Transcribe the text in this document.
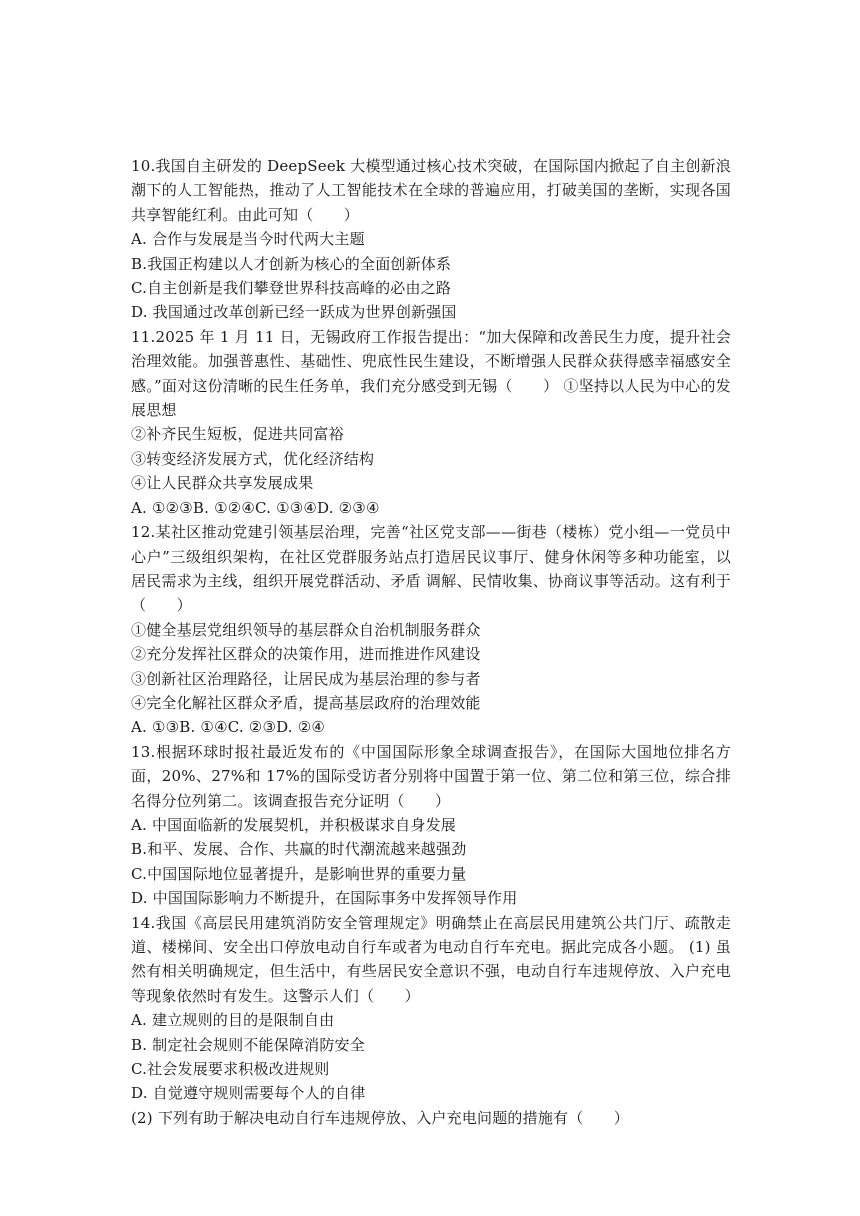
10.我国自主研发的 DeepSeek 大模型通过核心技术突破，在国际国内掀起了自主创新浪潮下的人工智能热，推动了人工智能技术在全球的普遍应用，打破美国的垄断，实现各国共享智能红利。由此可知（　　）

A. 合作与发展是当今时代两大主题

B.我国正构建以人才创新为核心的全面创新体系

C.自主创新是我们攀登世界科技高峰的必由之路

D. 我国通过改革创新已经一跃成为世界创新强国

11.2025 年 1 月 11 日，无锡政府工作报告提出：“加大保障和改善民生力度，提升社会治理效能。加强普惠性、基础性、兜底性民生建设，不断增强人民群众获得感幸福感安全感。”面对这份清晰的民生任务单，我们充分感受到无锡（　　） ①坚持以人民为中心的发展思想

②补齐民生短板，促进共同富裕

③转变经济发展方式，优化经济结构

④让人民群众共享发展成果

A. ①②③B. ①②④C. ①③④D. ②③④

12.某社区推动党建引领基层治理，完善“社区党支部——街巷（楼栋）党小组—一党员中心户”三级组织架构，在社区党群服务站点打造居民议事厅、健身休闲等多种功能室，以居民需求为主线，组织开展党群活动、矛盾 调解、民情收集、协商议事等活动。这有利于（　　）

①健全基层党组织领导的基层群众自治机制服务群众

②充分发挥社区群众的决策作用，进而推进作风建设

③创新社区治理路径，让居民成为基层治理的参与者

④完全化解社区群众矛盾，提高基层政府的治理效能

A. ①③B. ①④C. ②③D. ②④

13.根据环球时报社最近发布的《中国国际形象全球调查报告》，在国际大国地位排名方面，20%、27%和 17%的国际受访者分别将中国置于第一位、第二位和第三位，综合排名得分位列第二。该调查报告充分证明（　　）

A. 中国面临新的发展契机，并积极谋求自身发展

B.和平、发展、合作、共赢的时代潮流越来越强劲

C.中国国际地位显著提升，是影响世界的重要力量

D. 中国国际影响力不断提升，在国际事务中发挥领导作用

14.我国《高层民用建筑消防安全管理规定》明确禁止在高层民用建筑公共门厅、疏散走道、楼梯间、安全出口停放电动自行车或者为电动自行车充电。据此完成各小题。 (1) 虽然有相关明确规定，但生活中，有些居民安全意识不强，电动自行车违规停放、入户充电等现象依然时有发生。这警示人们（　　）

A. 建立规则的目的是限制自由

B. 制定社会规则不能保障消防安全

C.社会发展要求积极改进规则

D. 自觉遵守规则需要每个人的自律

(2) 下列有助于解决电动自行车违规停放、入户充电问题的措施有（　　）
